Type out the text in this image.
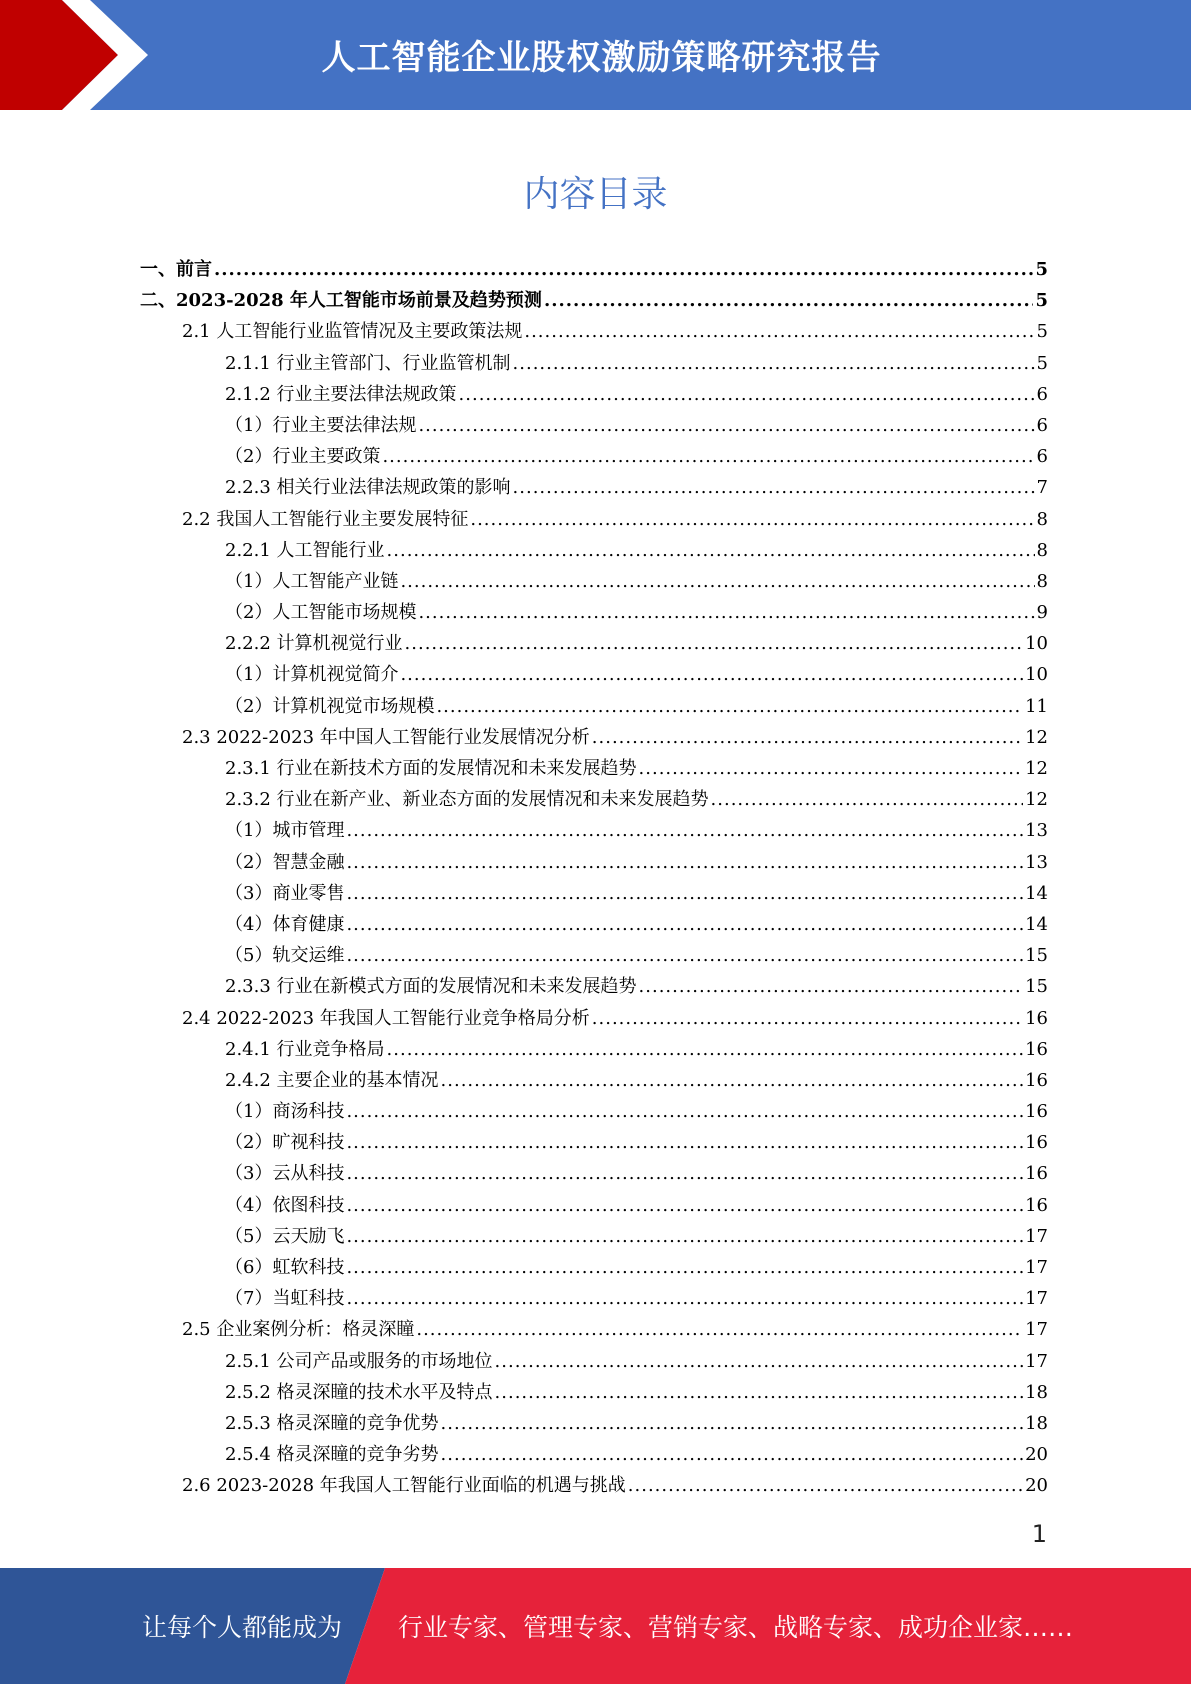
人工智能企业股权激励策略研究报告
内容目录
一、前言 .....	5
二、2023-2028 年人工智能市场前景及趋势预测 .....	5
2.1 人工智能行业监管情况及主要政策法规 .....	5
2.1.1 行业主管部门、行业监管机制 .....	5
2.1.2 行业主要法律法规政策 .....	6
（1）行业主要法律法规 .....	6
（2）行业主要政策 .....	6
2.2.3 相关行业法律法规政策的影响 .....	7
2.2 我国人工智能行业主要发展特征 .....	8
2.2.1 人工智能行业 .....	8
（1）人工智能产业链 .....	8
（2）人工智能市场规模 .....	9
2.2.2 计算机视觉行业 .....	10
（1）计算机视觉简介 .....	10
（2）计算机视觉市场规模 .....	11
2.3 2022-2023 年中国人工智能行业发展情况分析 .....	12
2.3.1 行业在新技术方面的发展情况和未来发展趋势 .....	12
2.3.2 行业在新产业、新业态方面的发展情况和未来发展趋势 .....	12
（1）城市管理 .....	13
（2）智慧金融 .....	13
（3）商业零售 .....	14
（4）体育健康 .....	14
（5）轨交运维 .....	15
2.3.3 行业在新模式方面的发展情况和未来发展趋势 .....	15
2.4 2022-2023 年我国人工智能行业竞争格局分析 .....	16
2.4.1 行业竞争格局 .....	16
2.4.2 主要企业的基本情况 .....	16
（1）商汤科技 .....	16
（2）旷视科技 .....	16
（3）云从科技 .....	16
（4）依图科技 .....	16
（5）云天励飞 .....	17
（6）虹软科技 .....	17
（7）当虹科技 .....	17
2.5 企业案例分析：格灵深瞳 .....	17
2.5.1 公司产品或服务的市场地位 .....	17
2.5.2 格灵深瞳的技术水平及特点 .....	18
2.5.3 格灵深瞳的竞争优势 .....	18
2.5.4 格灵深瞳的竞争劣势 .....	20
2.6 2023-2028 年我国人工智能行业面临的机遇与挑战 .....	20
1
让每个人都能成为 行业专家、管理专家、营销专家、战略专家、成功企业家……
